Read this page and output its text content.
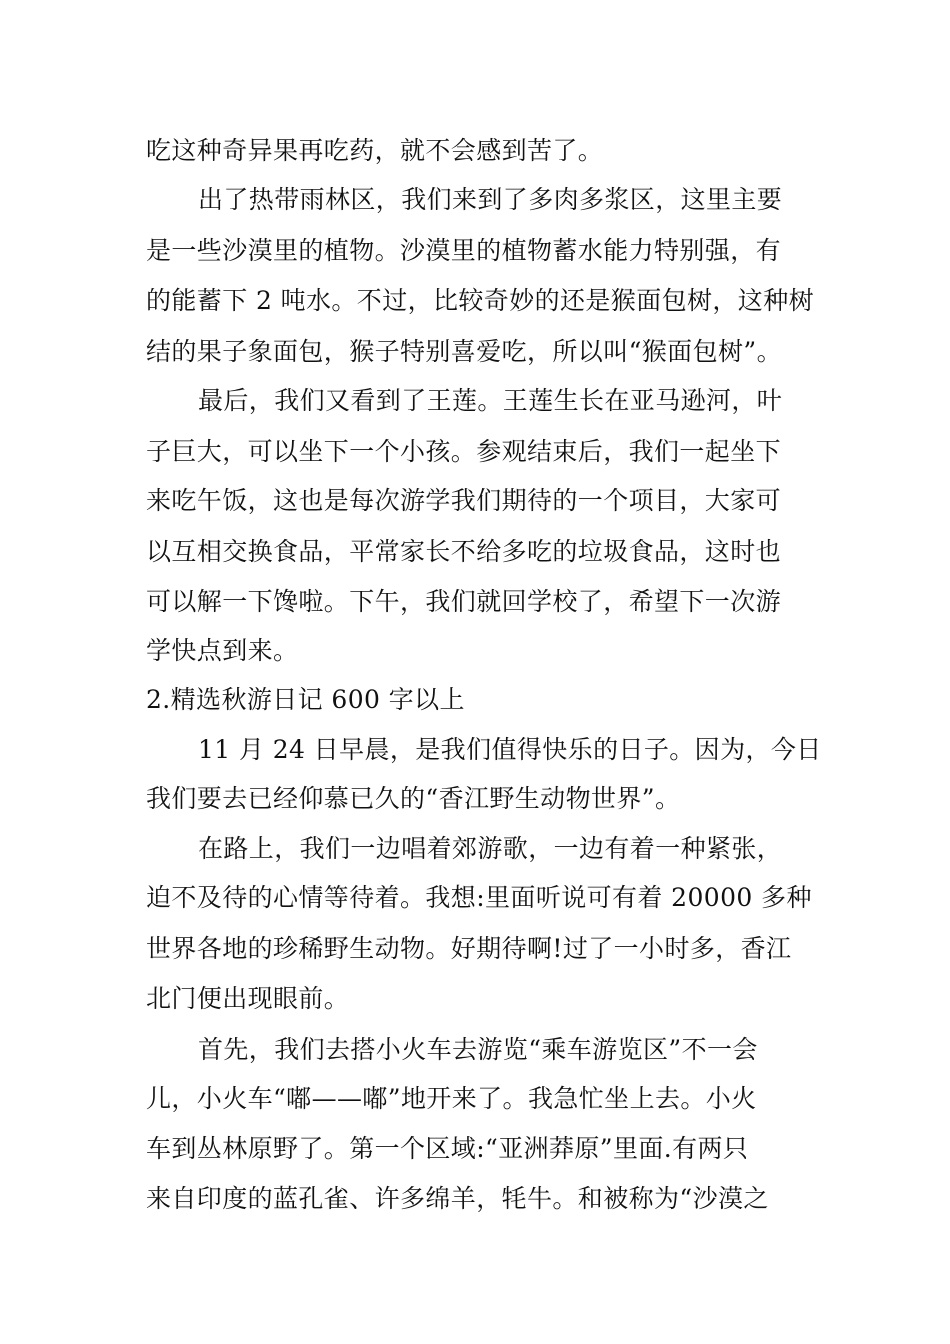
吃这种奇异果再吃药，就不会感到苦了。
出了热带雨林区，我们来到了多肉多浆区，这里主要
是一些沙漠里的植物。沙漠里的植物蓄水能力特别强，有
的能蓄下 2 吨水。不过，比较奇妙的还是猴面包树，这种树
结的果子象面包，猴子特别喜爱吃，所以叫“猴面包树”。
最后，我们又看到了王莲。王莲生长在亚马逊河，叶
子巨大，可以坐下一个小孩。参观结束后，我们一起坐下
来吃午饭，这也是每次游学我们期待的一个项目，大家可
以互相交换食品，平常家长不给多吃的垃圾食品，这时也
可以解一下馋啦。下午，我们就回学校了，希望下一次游
学快点到来。
2.精选秋游日记 600 字以上
11 月 24 日早晨，是我们值得快乐的日子。因为，今日
我们要去已经仰慕已久的“香江野生动物世界”。
在路上，我们一边唱着郊游歌，一边有着一种紧张，
迫不及待的心情等待着。我想:里面听说可有着 20000 多种
世界各地的珍稀野生动物。好期待啊!过了一小时多，香江
北门便出现眼前。
首先，我们去搭小火车去游览“乘车游览区”不一会
儿，小火车“嘟——嘟”地开来了。我急忙坐上去。小火
车到丛林原野了。第一个区域:“亚洲莽原”里面.有两只
来自印度的蓝孔雀、许多绵羊，牦牛。和被称为“沙漠之
